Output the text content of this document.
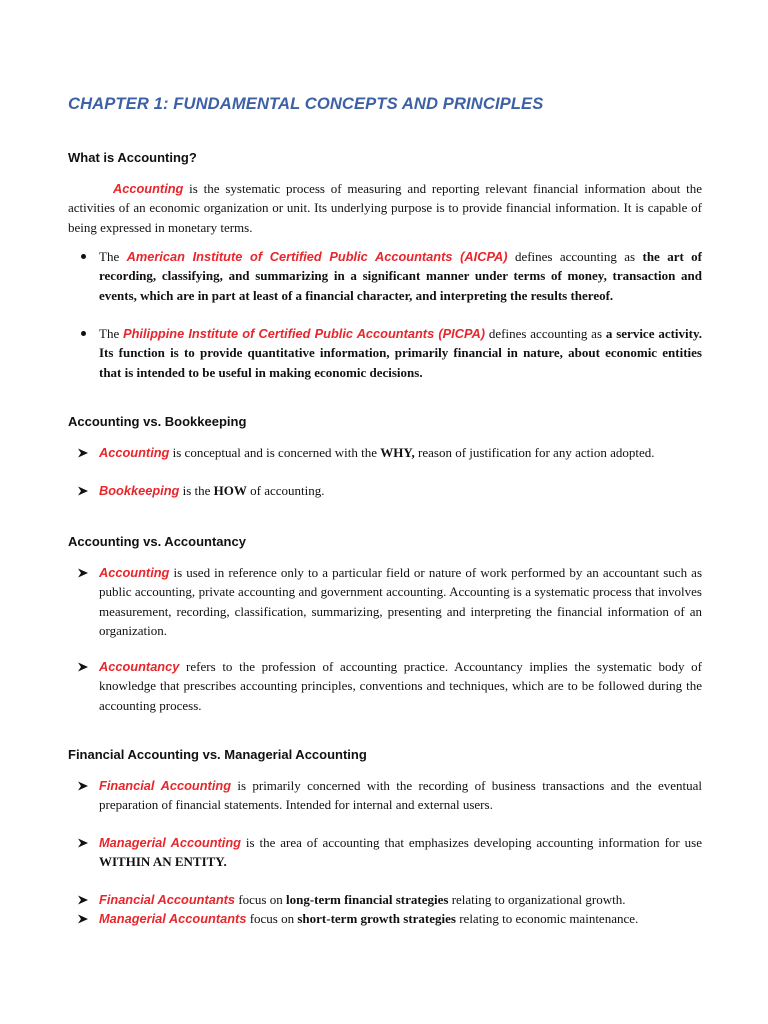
CHAPTER 1: FUNDAMENTAL CONCEPTS AND PRINCIPLES
What is Accounting?

Accounting is the systematic process of measuring and reporting relevant financial information about the activities of an economic organization or unit. Its underlying purpose is to provide financial information. It is capable of being expressed in monetary terms.

The American Institute of Certified Public Accountants (AICPA) defines accounting as the art of recording, classifying, and summarizing in a significant manner under terms of money, transaction and events, which are in part at least of a financial character, and interpreting the results thereof.
The Philippine Institute of Certified Public Accountants (PICPA) defines accounting as a service activity. Its function is to provide quantitative information, primarily financial in nature, about economic entities that is intended to be useful in making economic decisions.
Accounting vs. Bookkeeping
Accounting is conceptual and is concerned with the WHY, reason of justification for any action adopted.
Bookkeeping is the HOW of accounting.
Accounting vs. Accountancy
Accounting is used in reference only to a particular field or nature of work performed by an accountant such as public accounting, private accounting and government accounting. Accounting is a systematic process that involves measurement, recording, classification, summarizing, presenting and interpreting the financial information of an organization.
Accountancy refers to the profession of accounting practice. Accountancy implies the systematic body of knowledge that prescribes accounting principles, conventions and techniques, which are to be followed during the accounting process.
Financial Accounting vs. Managerial Accounting
Financial Accounting is primarily concerned with the recording of business transactions and the eventual preparation of financial statements. Intended for internal and external users.
Managerial Accounting is the area of accounting that emphasizes developing accounting information for use WITHIN AN ENTITY.
Financial Accountants focus on long-term financial strategies relating to organizational growth.
Managerial Accountants focus on short-term growth strategies relating to economic maintenance.
